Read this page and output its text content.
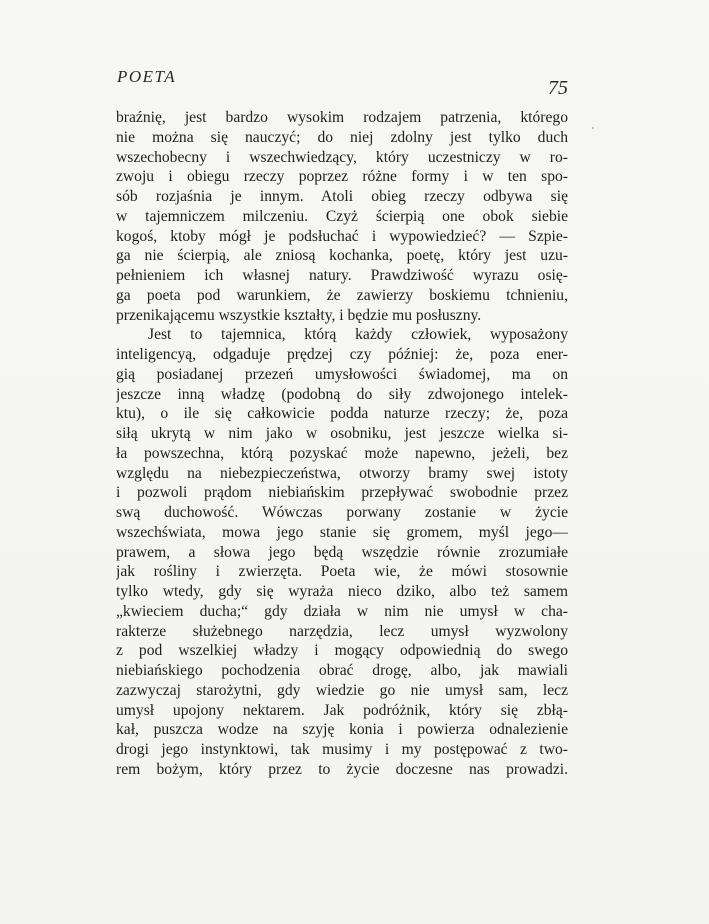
POETA
75
braźnię, jest bardzo wysokim rodzajem patrzenia, którego
nie można się nauczyć; do niej zdolny jest tylko duch
wszechobecny i wszechwiedzący, który uczestniczy w ro-
zwoju i obiegu rzeczy poprzez różne formy i w ten spo-
sób rozjaśnia je innym. Atoli obieg rzeczy odbywa się
w tajemniczem milczeniu. Czyż ścierpią one obok siebie
kogoś, ktoby mógł je podsłuchać i wypowiedzieć? — Szpie-
ga nie ścierpią, ale zniosą kochanka, poetę, który jest uzu-
pełnieniem ich własnej natury. Prawdziwość wyrazu osię-
ga poeta pod warunkiem, że zawierzy boskiemu tchnieniu,
przenikającemu wszystkie kształty, i będzie mu posłuszny.
Jest to tajemnica, którą każdy człowiek, wyposażony
inteligencyą, odgaduje prędzej czy później: że, poza ener-
gią posiadanej przezeń umysłowości świadomej, ma on
jeszcze inną władzę (podobną do siły zdwojonego intelek-
ktu), o ile się całkowicie podda naturze rzeczy; że, poza
siłą ukrytą w nim jako w osobniku, jest jeszcze wielka si-
ła powszechna, którą pozyskać może napewno, jeżeli, bez
względu na niebezpieczeństwa, otworzy bramy swej istoty
i pozwoli prądom niebiańskim przepływać swobodnie przez
swą duchowość. Wówczas porwany zostanie w życie
wszechświata, mowa jego stanie się gromem, myśl jego—
prawem, a słowa jego będą wszędzie równie zrozumiałe
jak rośliny i zwierzęta. Poeta wie, że mówi stosownie
tylko wtedy, gdy się wyraża nieco dziko, albo też samem
„kwieciem ducha;“ gdy działa w nim nie umysł w cha-
rakterze służebnego narzędzia, lecz umysł wyzwolony
z pod wszelkiej władzy i mogący odpowiednią do swego
niebiańskiego pochodzenia obrać drogę, albo, jak mawiali
zazwyczaj starożytni, gdy wiedzie go nie umysł sam, lecz
umysł upojony nektarem. Jak podróżnik, który się zbłą-
kał, puszcza wodze na szyję konia i powierza odnalezienie
drogi jego instynktowi, tak musimy i my postępować z two-
rem bożym, który przez to życie doczesne nas prowadzi.
